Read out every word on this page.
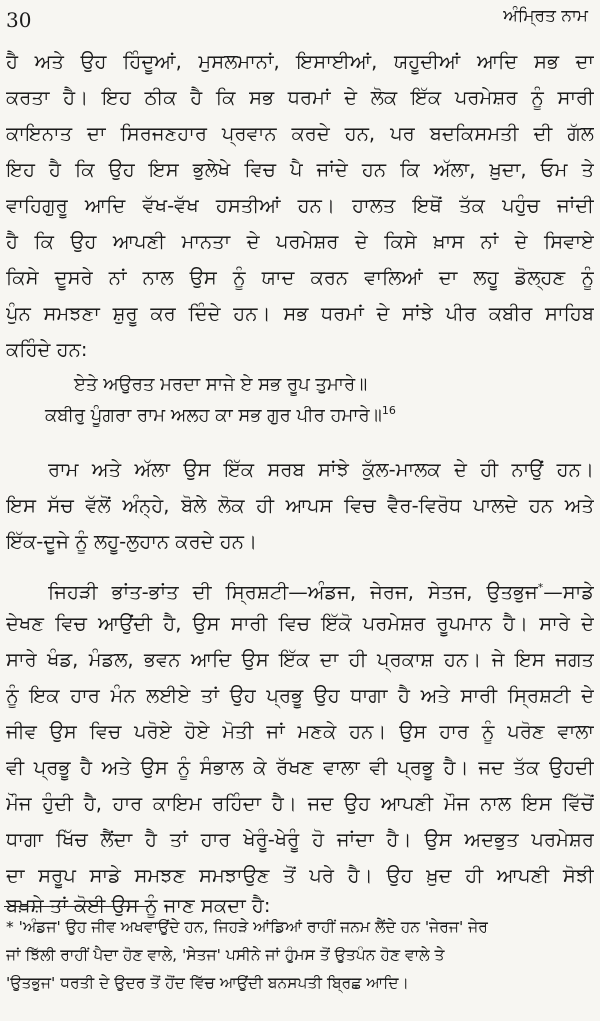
30	ਅੰਮ੍ਰਿਤ ਨਾਮ
ਹੈ ਅਤੇ ਉਹ ਹਿੰਦੂਆਂ, ਮੁਸਲਮਾਨਾਂ, ਇਸਾਈਆਂ, ਯਹੂਦੀਆਂ ਆਦਿ ਸਭ ਦਾ
ਕਰਤਾ ਹੈ। ਇਹ ਠੀਕ ਹੈ ਕਿ ਸਭ ਧਰਮਾਂ ਦੇ ਲੋਕ ਇੱਕ ਪਰਮੇਸ਼ਰ ਨੂੰ ਸਾਰੀ
ਕਾਇਨਾਤ ਦਾ ਸਿਰਜਣਹਾਰ ਪ੍ਰਵਾਨ ਕਰਦੇ ਹਨ, ਪਰ ਬਦਕਿਸਮਤੀ ਦੀ ਗੱਲ
ਇਹ ਹੈ ਕਿ ਉਹ ਇਸ ਭੁਲੇਖੇ ਵਿਚ ਪੈ ਜਾਂਦੇ ਹਨ ਕਿ ਅੱਲਾ, ਖ਼ੁਦਾ, ਓਮ ਤੇ
ਵਾਹਿਗੁਰੂ ਆਦਿ ਵੱਖ-ਵੱਖ ਹਸਤੀਆਂ ਹਨ। ਹਾਲਤ ਇਥੋਂ ਤੱਕ ਪਹੁੰਚ ਜਾਂਦੀ
ਹੈ ਕਿ ਉਹ ਆਪਣੀ ਮਾਨਤਾ ਦੇ ਪਰਮੇਸ਼ਰ ਦੇ ਕਿਸੇ ਖ਼ਾਸ ਨਾਂ ਦੇ ਸਿਵਾਏ
ਕਿਸੇ ਦੂਸਰੇ ਨਾਂ ਨਾਲ ਉਸ ਨੂੰ ਯਾਦ ਕਰਨ ਵਾਲਿਆਂ ਦਾ ਲਹੂ ਡੋਲ੍ਹਣ ਨੂੰ
ਪੁੰਨ ਸਮਝਣਾ ਸ਼ੁਰੂ ਕਰ ਦਿੰਦੇ ਹਨ। ਸਭ ਧਰਮਾਂ ਦੇ ਸਾਂਝੇ ਪੀਰ ਕਬੀਰ ਸਾਹਿਬ
ਕਹਿੰਦੇ ਹਨ:
ਏਤੇ ਅਉਰਤ ਮਰਦਾ ਸਾਜੇ ਏ ਸਭ ਰੂਪ ਤੁਮਾਰੇ॥
ਕਬੀਰੁ ਪੂੰਗਰਾ ਰਾਮ ਅਲਹ ਕਾ ਸਭ ਗੁਰ ਪੀਰ ਹਮਾਰੇ॥$^{16}$
ਰਾਮ ਅਤੇ ਅੱਲਾ ਉਸ ਇੱਕ ਸਰਬ ਸਾਂਝੇ ਕੁੱਲ-ਮਾਲਕ ਦੇ ਹੀ ਨਾਉਂ ਹਨ।
ਇਸ ਸੱਚ ਵੱਲੋਂ ਅੰਨ੍ਹੇ, ਬੋਲੇ ਲੋਕ ਹੀ ਆਪਸ ਵਿਚ ਵੈਰ-ਵਿਰੋਧ ਪਾਲਦੇ ਹਨ ਅਤੇ
ਇੱਕ-ਦੂਜੇ ਨੂੰ ਲਹੂ-ਲੁਹਾਨ ਕਰਦੇ ਹਨ।
ਜਿਹੜੀ ਭਾਂਤ-ਭਾਂਤ ਦੀ ਸ੍ਰਿਸ਼ਟੀ—ਅੰਡਜ, ਜੇਰਜ, ਸੇਤਜ, ਉਤਭੁਜ*—ਸਾਡੇ
ਦੇਖਣ ਵਿਚ ਆਉਂਦੀ ਹੈ, ਉਸ ਸਾਰੀ ਵਿਚ ਇੱਕੋ ਪਰਮੇਸ਼ਰ ਰੂਪਮਾਨ ਹੈ। ਸਾਰੇ ਦੇ
ਸਾਰੇ ਖੰਡ, ਮੰਡਲ, ਭਵਨ ਆਦਿ ਉਸ ਇੱਕ ਦਾ ਹੀ ਪ੍ਰਕਾਸ਼ ਹਨ। ਜੇ ਇਸ ਜਗਤ
ਨੂੰ ਇਕ ਹਾਰ ਮੰਨ ਲਈਏ ਤਾਂ ਉਹ ਪ੍ਰਭੂ ਉਹ ਧਾਗਾ ਹੈ ਅਤੇ ਸਾਰੀ ਸ੍ਰਿਸ਼ਟੀ ਦੇ
ਜੀਵ ਉਸ ਵਿਚ ਪਰੋਏ ਹੋਏ ਮੋਤੀ ਜਾਂ ਮਣਕੇ ਹਨ। ਉਸ ਹਾਰ ਨੂੰ ਪਰੋਣ ਵਾਲਾ
ਵੀ ਪ੍ਰਭੂ ਹੈ ਅਤੇ ਉਸ ਨੂੰ ਸੰਭਾਲ ਕੇ ਰੱਖਣ ਵਾਲਾ ਵੀ ਪ੍ਰਭੂ ਹੈ। ਜਦ ਤੱਕ ਉਹਦੀ
ਮੌਜ ਹੁੰਦੀ ਹੈ, ਹਾਰ ਕਾਇਮ ਰਹਿੰਦਾ ਹੈ। ਜਦ ਉਹ ਆਪਣੀ ਮੌਜ ਨਾਲ ਇਸ ਵਿੱਚੋਂ
ਧਾਗਾ ਖਿੱਚ ਲੈਂਦਾ ਹੈ ਤਾਂ ਹਾਰ ਖੇਰੂੰ-ਖੇਰੂੰ ਹੋ ਜਾਂਦਾ ਹੈ। ਉਸ ਅਦਭੁਤ ਪਰਮੇਸ਼ਰ
ਦਾ ਸਰੂਪ ਸਾਡੇ ਸਮਝਣ ਸਮਝਾਉਣ ਤੋਂ ਪਰੇ ਹੈ। ਉਹ ਖ਼ੁਦ ਹੀ ਆਪਣੀ ਸੋਝੀ
ਬਖ਼ਸ਼ੇ ਤਾਂ ਕੋਈ ਉਸ ਨੂੰ ਜਾਣ ਸਕਦਾ ਹੈ:
* 'ਅੰਡਜ' ਉਹ ਜੀਵ ਅਖਵਾਉਂਦੇ ਹਨ, ਜਿਹੜੇ ਆਂਡਿਆਂ ਰਾਹੀਂ ਜਨਮ ਲੈਂਦੇ ਹਨ 'ਜੇਰਜ' ਜੇਰ
ਜਾਂ ਝਿੱਲੀ ਰਾਹੀਂ ਪੈਦਾ ਹੋਣ ਵਾਲੇ, 'ਸੇਤਜ' ਪਸੀਨੇ ਜਾਂ ਹੁੰਮਸ ਤੋਂ ਉਤਪੰਨ ਹੋਣ ਵਾਲੇ ਤੇ
'ਉਤਭੁਜ' ਧਰਤੀ ਦੇ ਉਦਰ ਤੋਂ ਹੋਂਦ ਵਿੱਚ ਆਉਂਦੀ ਬਨਸਪਤੀ ਬ੍ਰਿਛ ਆਦਿ।
